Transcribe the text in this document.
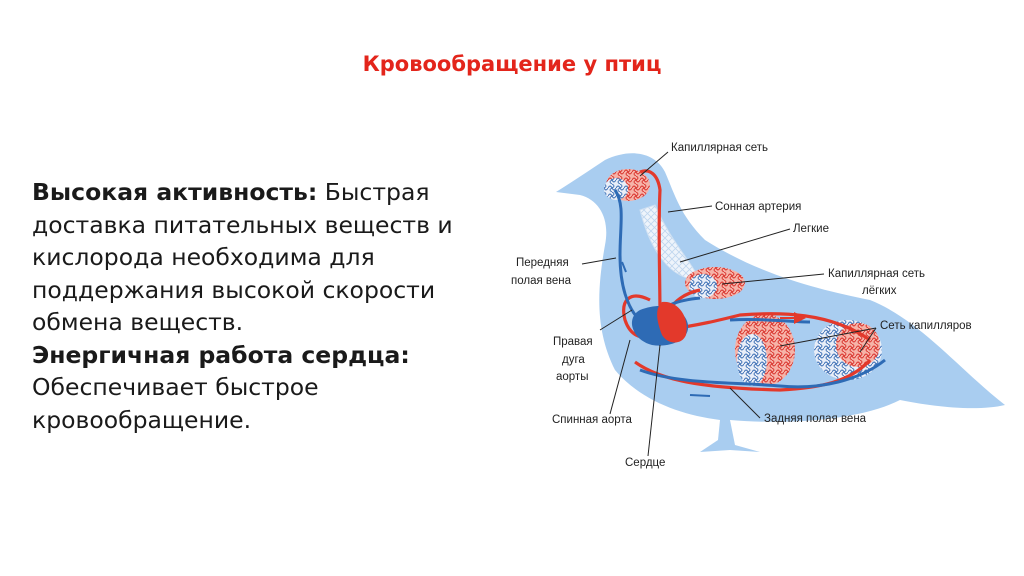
Кровообращение у птиц

Высокая активность: Быстрая доставка питательных веществ и кислорода необходима для поддержания высокой скорости обмена веществ.

Энергичная работа сердца: Обеспечивает быстрое кровообращение.

Капиллярная сеть
Сонная артерия
Легкие
Капиллярная сеть
лёгких
Сеть капилляров
Передняя
полая вена
Правая
дуга
аорты
Спинная аорта	Задняя полая вена
Сердце
